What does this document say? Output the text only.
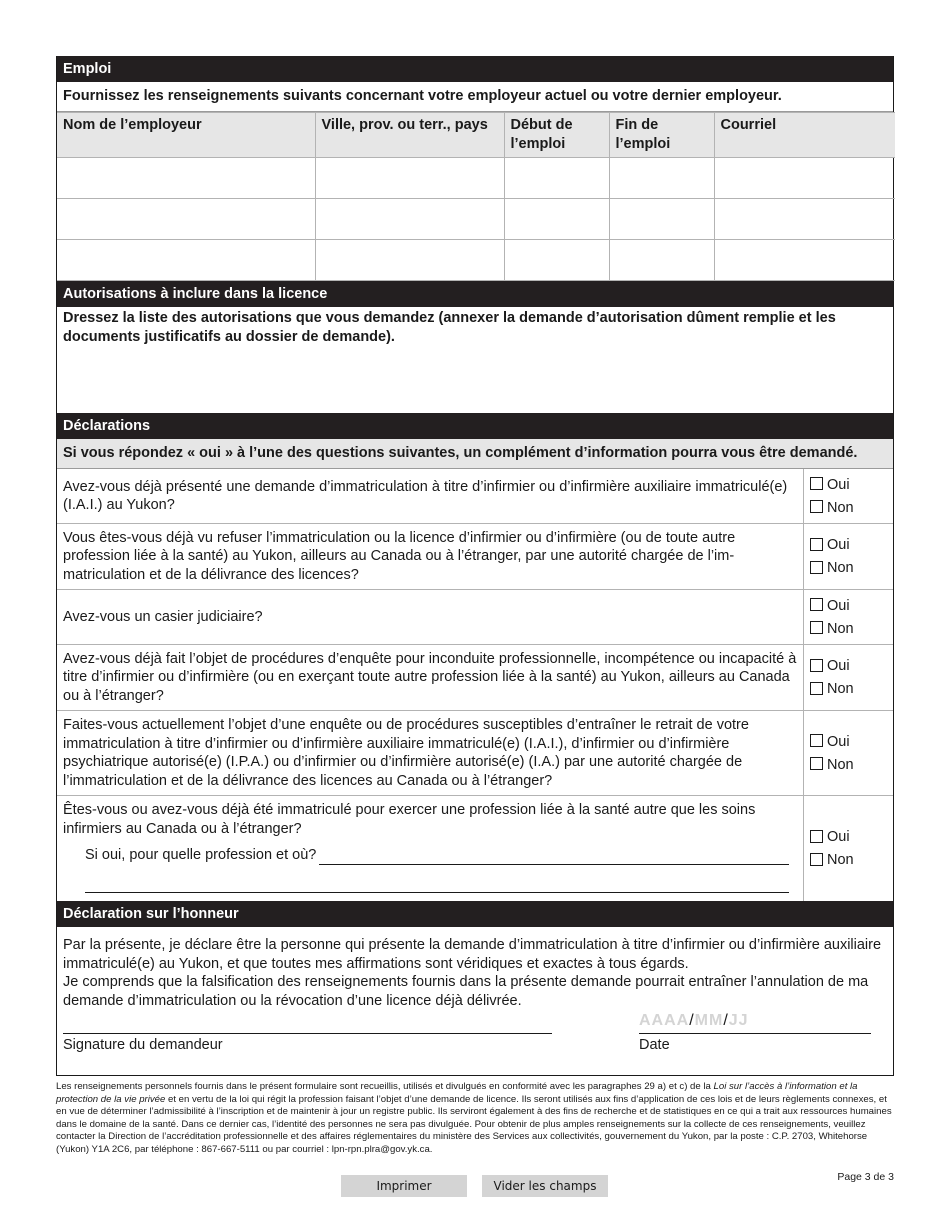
Emploi
Fournissez les renseignements suivants concernant votre employeur actuel ou votre dernier employeur.
Nom de l’employeur	Ville, prov. ou terr., pays	Début de l’emploi	Fin de l’emploi	Courriel

Autorisations à inclure dans la licence
Dressez la liste des autorisations que vous demandez (annexer la demande d’autorisation dûment remplie et les documents justificatifs au dossier de demande).
Déclarations
Si vous répondez « oui » à l’une des questions suivantes, un complément d’information pourra vous être demandé.
Avez-vous déjà présenté une demande d’immatriculation à titre d’infirmier ou d’infirmière auxiliaire immatriculé(e) (I.A.I.) au Yukon?
Oui
Non
Vous êtes-vous déjà vu refuser l’immatriculation ou la licence d’infirmier ou d’infirmière (ou de toute autre profession liée à la santé) au Yukon, ailleurs au Canada ou à l’étranger, par une autorité chargée de l’im-matriculation et de la délivrance des licences?
Oui
Non
Avez-vous un casier judiciaire?
Oui
Non
Avez-vous déjà fait l’objet de procédures d’enquête pour inconduite professionnelle, incompétence ou incapacité à titre d’infirmier ou d’infirmière (ou en exerçant toute autre profession liée à la santé) au Yukon, ailleurs au Canada ou à l’étranger?
Oui
Non
Faites-vous actuellement l’objet d’une enquête ou de procédures susceptibles d’entraîner le retrait de votre immatriculation à titre d’infirmier ou d’infirmière auxiliaire immatriculé(e) (I.A.I.), d’infirmier ou d’infirmière psychiatrique autorisé(e) (I.P.A.) ou d’infirmier ou d’infirmière autorisé(e) (I.A.) par une autorité chargée de l’immatriculation et de la délivrance des licences au Canada ou à l’étranger?
Oui
Non
Êtes-vous ou avez-vous déjà été immatriculé pour exercer une profession liée à la santé autre que les soins infirmiers au Canada ou à l’étranger?
Si oui, pour quelle profession et où?
Oui
Non
Déclaration sur l’honneur
Par la présente, je déclare être la personne qui présente la demande d’immatriculation à titre d’infirmier ou d’infirmière auxiliaire immatriculé(e) au Yukon, et que toutes mes affirmations sont véridiques et exactes à tous égards.
Je comprends que la falsification des renseignements fournis dans la présente demande pourrait entraîner l’annulation de ma demande d’immatriculation ou la révocation d’une licence déjà délivrée.
Signature du demandeur
AAAA/MM/JJ
Date
Les renseignements personnels fournis dans le présent formulaire sont recueillis, utilisés et divulgués en conformité avec les paragraphes 29 a) et c) de la Loi sur l’accès à l’information et la protection de la vie privée et en vertu de la loi qui régit la profession faisant l’objet d’une demande de licence. Ils seront utilisés aux fins d’application de ces lois et de leurs règlements connexes, et en vue de déterminer l’admissibilité à l’inscription et de maintenir à jour un registre public. Ils serviront également à des fins de recherche et de statistiques en ce qui a trait aux ressources humaines dans le domaine de la santé. Dans ce dernier cas, l’identité des personnes ne sera pas divulguée. Pour obtenir de plus amples renseignements sur la collecte de ces renseignements, veuillez contacter la Direction de l’accréditation professionnelle et des affaires réglementaires du ministère des Services aux collectivités, gouvernement du Yukon, par la poste : C.P. 2703, Whitehorse (Yukon) Y1A 2C6, par téléphone : 867-667-5111 ou par courriel : lpn-rpn.plra@gov.yk.ca.
Page 3 de 3
Imprimer	Vider les champs
